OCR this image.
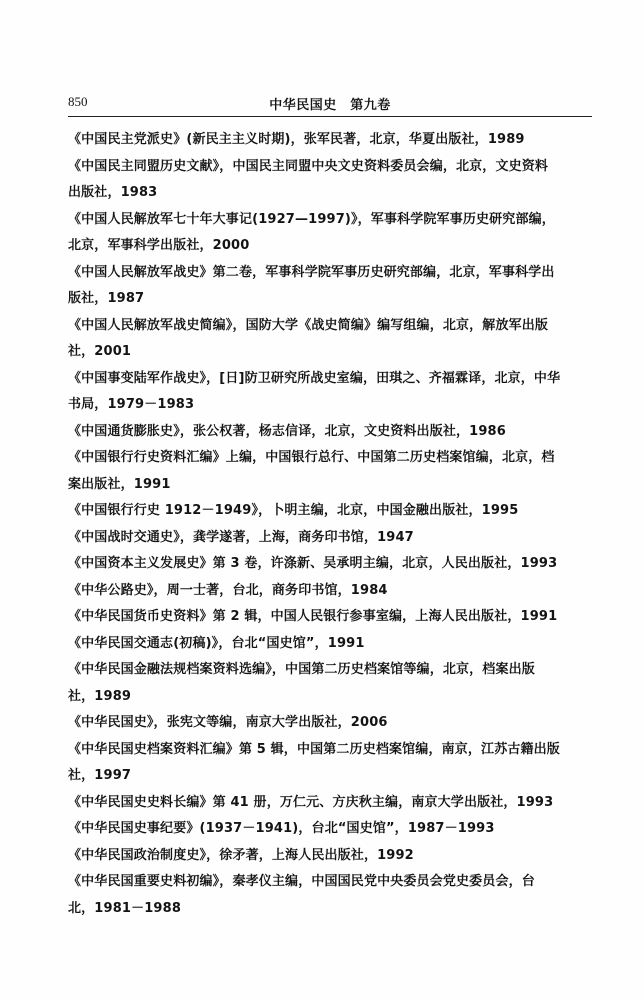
850	中华民国史　第九卷
《中国民主党派史》(新民主主义时期)，张军民著，北京，华夏出版社，1989
《中国民主同盟历史文献》，中国民主同盟中央文史资料委员会编，北京，文史资料
出版社，1983
《中国人民解放军七十年大事记(1927—1997)》，军事科学院军事历史研究部编，
北京，军事科学出版社，2000
《中国人民解放军战史》第二卷，军事科学院军事历史研究部编，北京，军事科学出
版社，1987
《中国人民解放军战史简编》，国防大学《战史简编》编写组编，北京，解放军出版
社，2001
《中国事变陆军作战史》，[日]防卫研究所战史室编，田琪之、齐福霖译，北京，中华
书局，1979－1983
《中国通货膨胀史》，张公权著，杨志信译，北京，文史资料出版社，1986
《中国银行行史资料汇编》上编，中国银行总行、中国第二历史档案馆编，北京，档
案出版社，1991
《中国银行行史 1912－1949》，卜明主编，北京，中国金融出版社，1995
《中国战时交通史》，龚学遂著，上海，商务印书馆，1947
《中国资本主义发展史》第 3 卷，许涤新、吴承明主编，北京，人民出版社，1993
《中华公路史》，周一士著，台北，商务印书馆，1984
《中华民国货币史资料》第 2 辑，中国人民银行参事室编，上海人民出版社，1991
《中华民国交通志(初稿)》，台北“国史馆”，1991
《中华民国金融法规档案资料选编》，中国第二历史档案馆等编，北京，档案出版
社，1989
《中华民国史》，张宪文等编，南京大学出版社，2006
《中华民国史档案资料汇编》第 5 辑，中国第二历史档案馆编，南京，江苏古籍出版
社，1997
《中华民国史史料长编》第 41 册，万仁元、方庆秋主编，南京大学出版社，1993
《中华民国史事纪要》(1937－1941)，台北“国史馆”，1987－1993
《中华民国政治制度史》，徐矛著，上海人民出版社，1992
《中华民国重要史料初编》，秦孝仪主编，中国国民党中央委员会党史委员会，台
北，1981－1988
